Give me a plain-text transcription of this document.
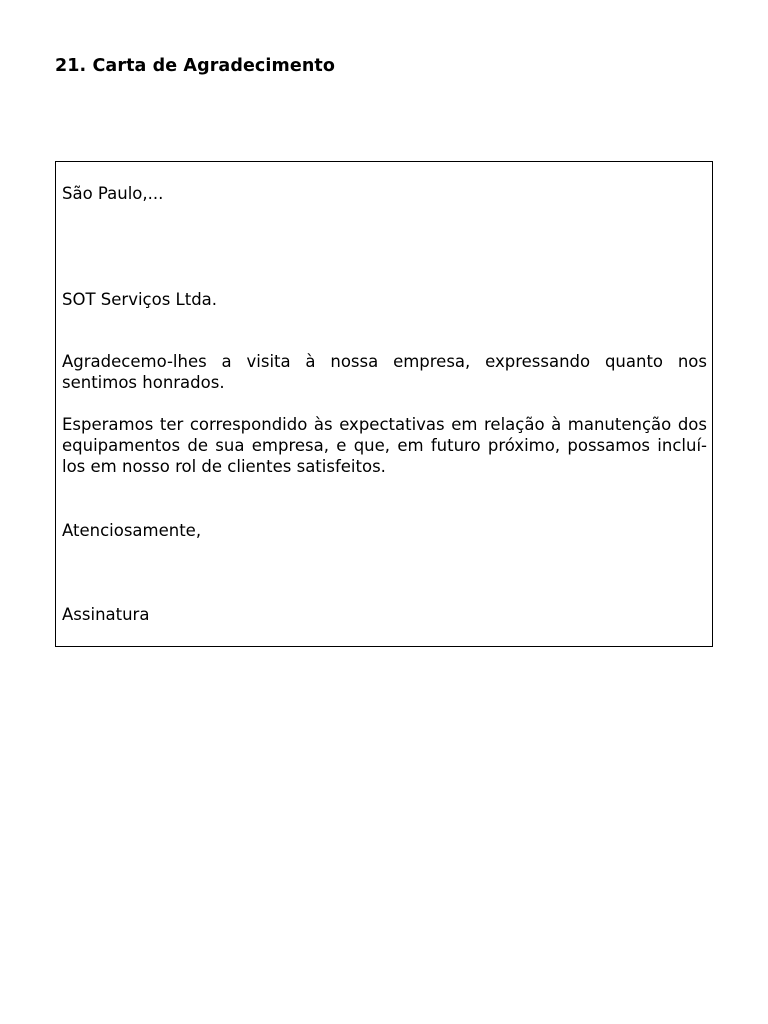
21. Carta de Agradecimento

São Paulo,...

SOT Serviços Ltda.

Agradecemo-lhes a visita à nossa empresa, expressando quanto nos sentimos honrados.

Esperamos ter correspondido às expectativas em relação à manutenção dos equipamentos de sua empresa, e que, em futuro próximo, possamos incluí-los em nosso rol de clientes satisfeitos.

Atenciosamente,

Assinatura
